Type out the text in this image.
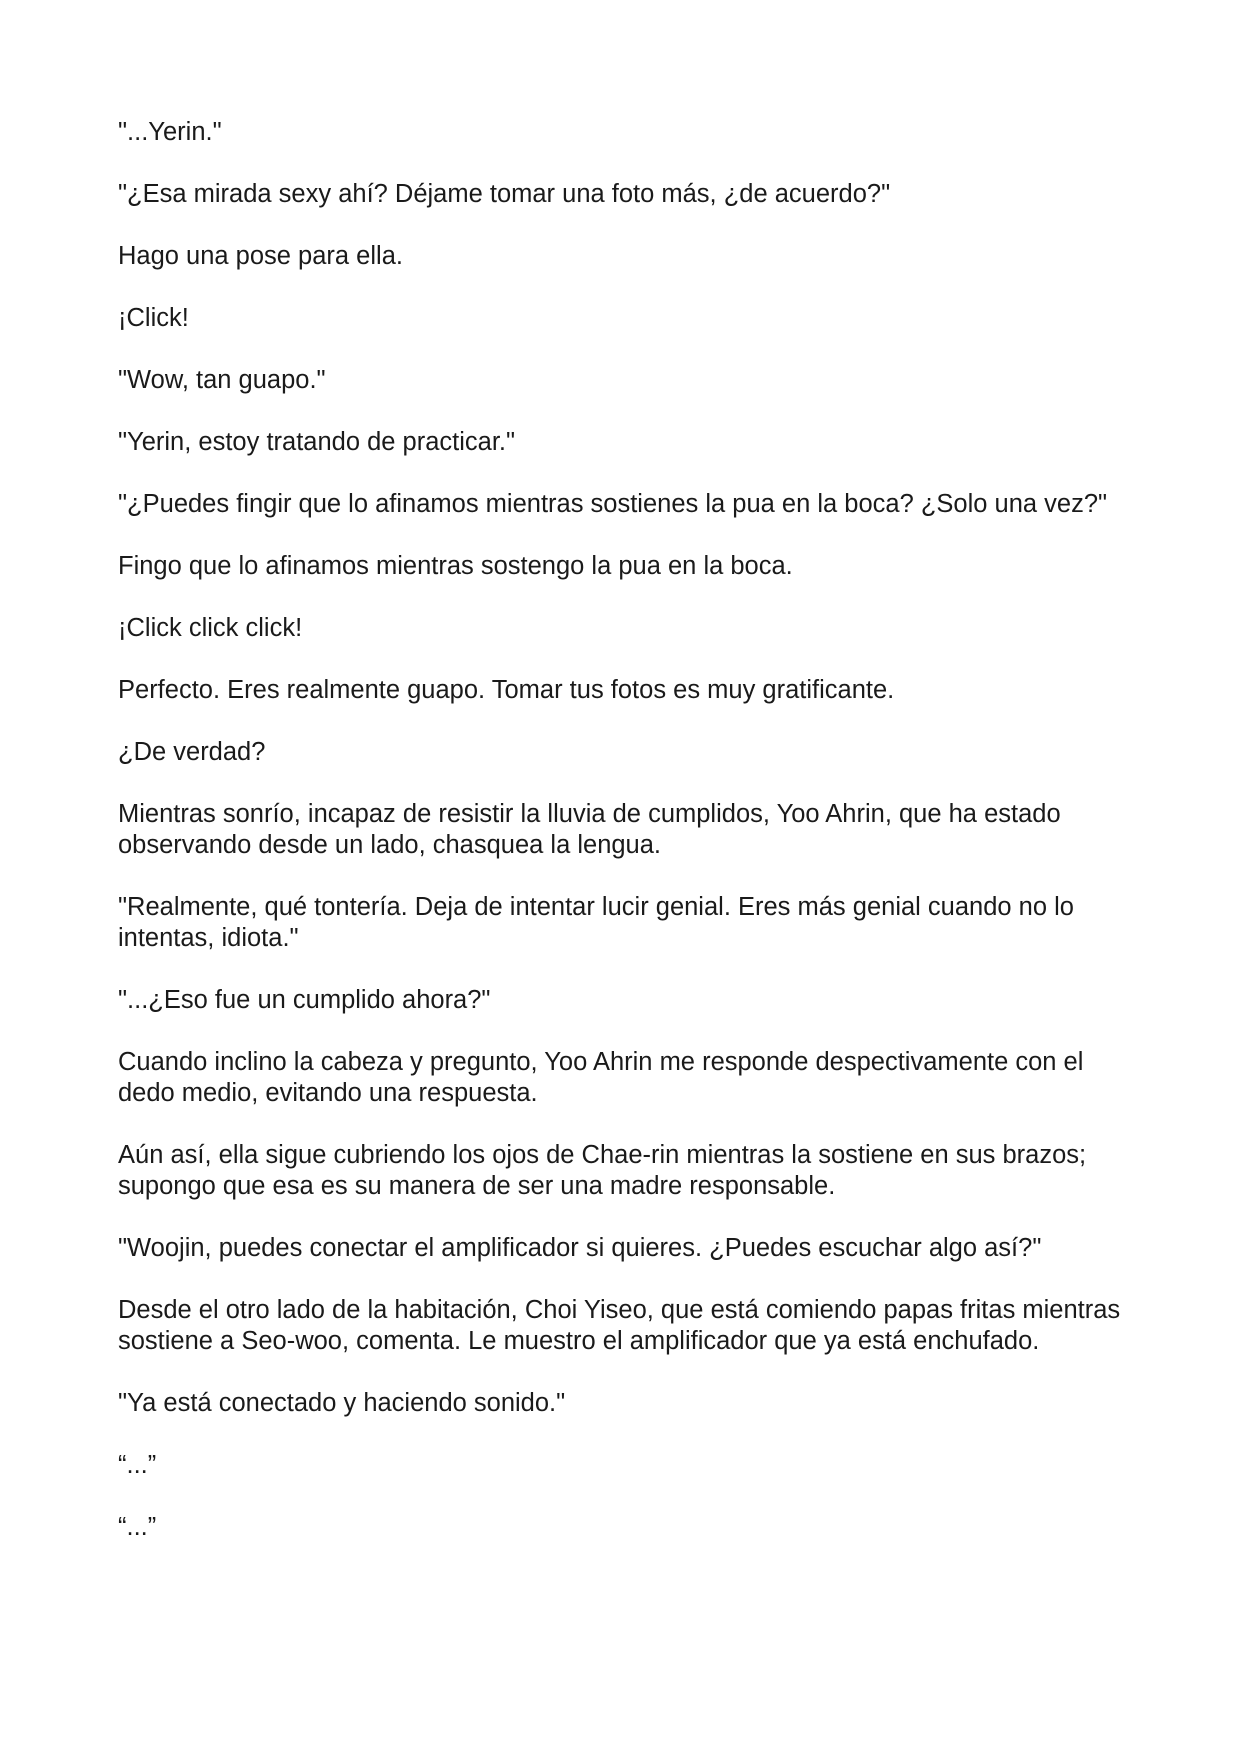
"...Yerin."

"¿Esa mirada sexy ahí? Déjame tomar una foto más, ¿de acuerdo?"

Hago una pose para ella.

¡Click!

"Wow, tan guapo."

"Yerin, estoy tratando de practicar."

"¿Puedes fingir que lo afinamos mientras sostienes la pua en la boca? ¿Solo una vez?"

Fingo que lo afinamos mientras sostengo la pua en la boca.

¡Click click click!

Perfecto. Eres realmente guapo. Tomar tus fotos es muy gratificante.

¿De verdad?

Mientras sonrío, incapaz de resistir la lluvia de cumplidos, Yoo Ahrin, que ha estado observando desde un lado, chasquea la lengua.

"Realmente, qué tontería. Deja de intentar lucir genial. Eres más genial cuando no lo intentas, idiota."

"...¿Eso fue un cumplido ahora?"

Cuando inclino la cabeza y pregunto, Yoo Ahrin me responde despectivamente con el dedo medio, evitando una respuesta.

Aún así, ella sigue cubriendo los ojos de Chae-rin mientras la sostiene en sus brazos; supongo que esa es su manera de ser una madre responsable.

"Woojin, puedes conectar el amplificador si quieres. ¿Puedes escuchar algo así?"

Desde el otro lado de la habitación, Choi Yiseo, que está comiendo papas fritas mientras sostiene a Seo-woo, comenta. Le muestro el amplificador que ya está enchufado.

"Ya está conectado y haciendo sonido."

“...”

“...”
